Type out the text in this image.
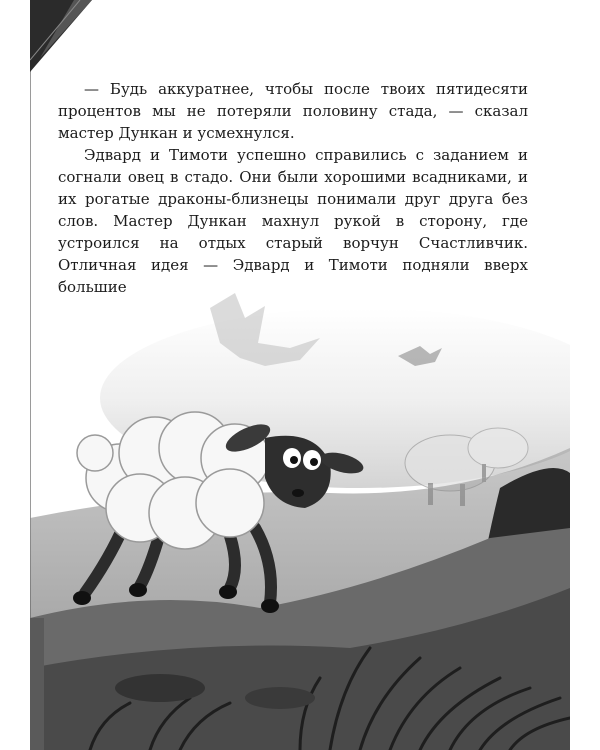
— Будь аккуратнее, чтобы после твоих пятидесяти процентов мы не потеряли половину стада, — сказал мастер Дункан и усмехнулся.

Эдвард и Тимоти успешно справились с заданием и согнали овец в стадо. Они были хорошими всадниками, и их рогатые драконы-близнецы понимали друг друга без слов. Мастер Дункан махнул рукой в сторону, где устроился на отдых старый ворчун Счастливчик. Отличная идея — Эдвард и Тимоти подняли вверх большие
